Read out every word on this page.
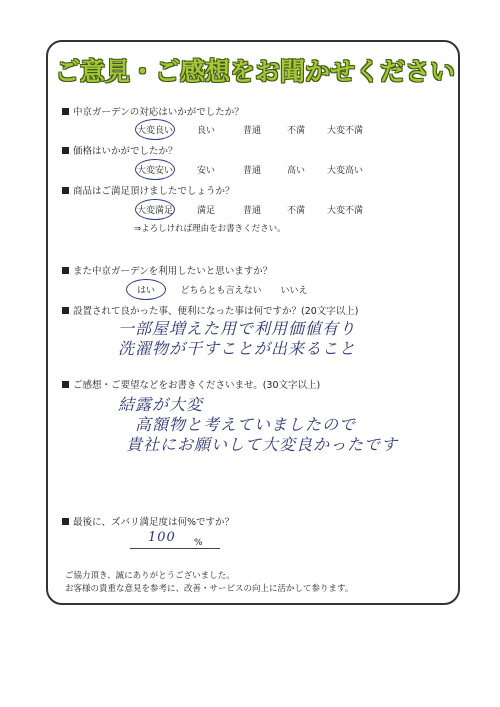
ご意見・ご感想をお聞かせください
中京ガーデンの対応はいかがでしたか？
大変良い	良い	普通	不満	大変不満
価格はいかがでしたか？
大変安い	安い	普通	高い	大変高い
商品はご満足頂けましたでしょうか？
大変満足	満足	普通	不満	大変不満
⇒よろしければ理由をお書きください。
また中京ガーデンを利用したいと思いますか？
はい	どちらとも言えない	いいえ
設置されて良かった事、便利になった事は何ですか？(20文字以上)
一部屋増えた用で利用価値有り
洗濯物が干すことが出来ること
ご感想・ご要望などをお書きくださいませ。(30文字以上)
結露が大変
高額物と考えていましたので
貴社にお願いして大変良かったです
最後に、ズバリ満足度は何%ですか？
100 %
ご協力頂き、誠にありがとうございました。
お客様の貴重な意見を参考に、改善・サービスの向上に活かして参ります。
